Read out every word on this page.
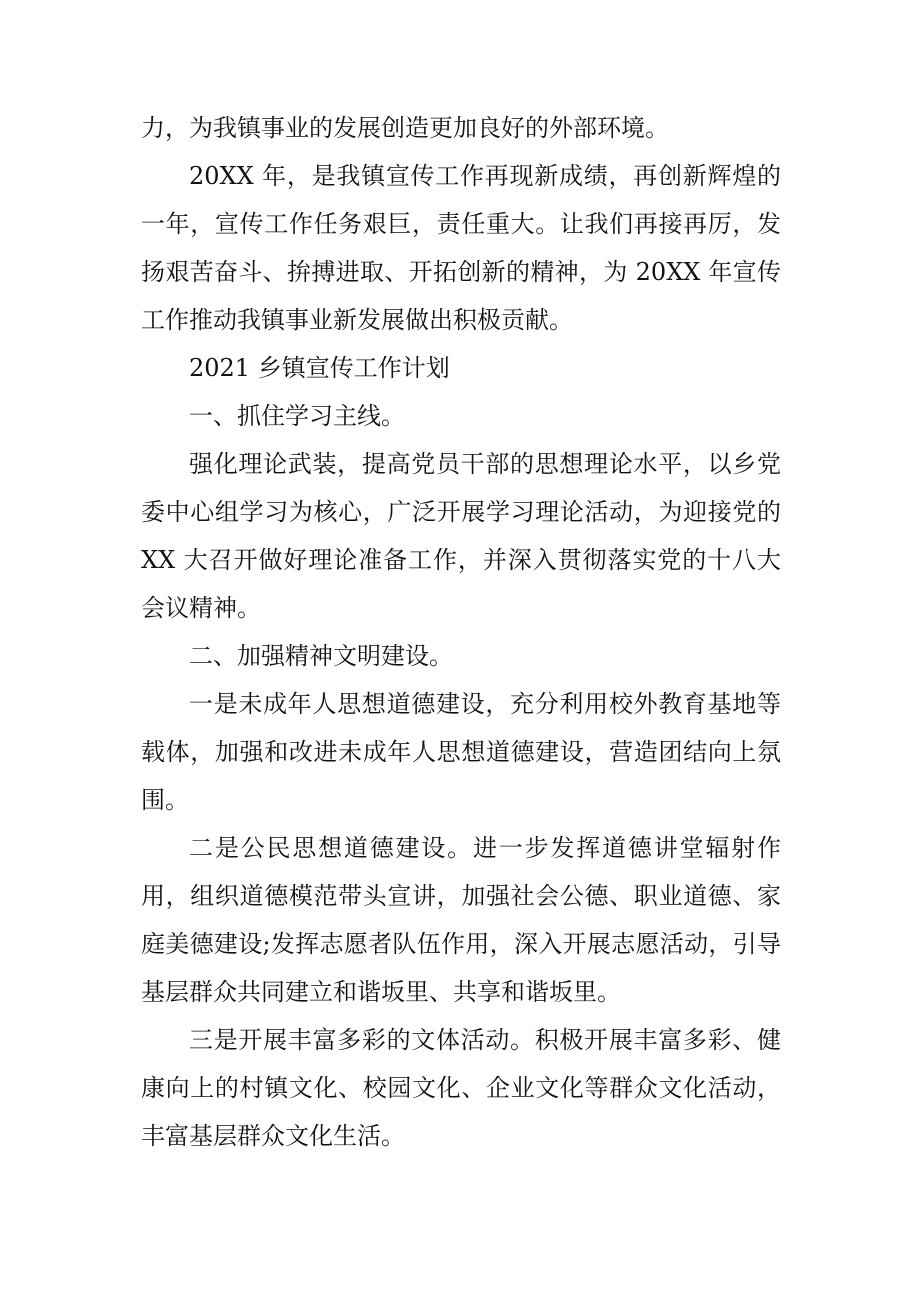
力，为我镇事业的发展创造更加良好的外部环境。

20XX 年，是我镇宣传工作再现新成绩，再创新辉煌的一年，宣传工作任务艰巨，责任重大。让我们再接再厉，发扬艰苦奋斗、拚搏进取、开拓创新的精神，为 20XX 年宣传工作推动我镇事业新发展做出积极贡献。

2021 乡镇宣传工作计划

一、抓住学习主线。

强化理论武装，提高党员干部的思想理论水平，以乡党委中心组学习为核心，广泛开展学习理论活动，为迎接党的XX 大召开做好理论准备工作，并深入贯彻落实党的十八大会议精神。

二、加强精神文明建设。

一是未成年人思想道德建设，充分利用校外教育基地等载体，加强和改进未成年人思想道德建设，营造团结向上氛围。

二是公民思想道德建设。进一步发挥道德讲堂辐射作用，组织道德模范带头宣讲，加强社会公德、职业道德、家庭美德建设;发挥志愿者队伍作用，深入开展志愿活动，引导基层群众共同建立和谐坂里、共享和谐坂里。

三是开展丰富多彩的文体活动。积极开展丰富多彩、健康向上的村镇文化、校园文化、企业文化等群众文化活动，丰富基层群众文化生活。
